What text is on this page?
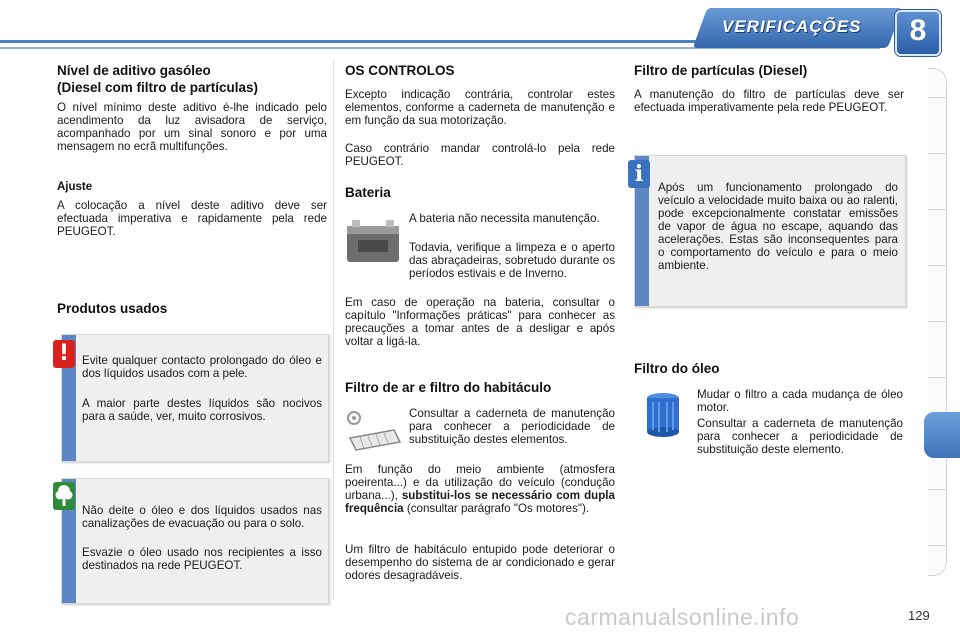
VERIFICAÇÕES	8
Nível de aditivo gasóleo
(Diesel com filtro de partículas)

O nível mínimo deste aditivo é-lhe indicado pelo acendimento da luz avisadora de serviço, acompanhado por um sinal sonoro e por uma mensagem no ecrã multifunções.

Ajuste

A colocação a nível deste aditivo deve ser efectuada imperativa e rapidamente pela rede PEUGEOT.

Produtos usados

Evite qualquer contacto prolongado do óleo e dos líquidos usados com a pele.

A maior parte destes líquidos são nocivos para a saúde, ver, muito corrosivos.

!

Não deite o óleo e dos líquidos usados nas canalizações de evacuação ou para o solo.

Esvazie o óleo usado nos recipientes a isso destinados na rede PEUGEOT.

OS CONTROLOS

Excepto indicação contrária, controlar estes elementos, conforme a caderneta de manutenção e em função da sua motorização.

Caso contrário mandar controlá-lo pela rede PEUGEOT.

Bateria

A bateria não necessita manutenção.

Todavia, verifique a limpeza e o aperto das abraçadeiras, sobretudo durante os períodos estivais e de Inverno.

Em caso de operação na bateria, consultar o capítulo "Informações práticas" para conhecer as precauções a tomar antes de a desligar e após voltar a ligá-la.

Filtro de ar e filtro do habitáculo

Consultar a caderneta de manutenção para conhecer a periodicidade de substituição destes elementos.

Em função do meio ambiente (atmosfera poeirenta...) e da utilização do veículo (condução urbana...), substitui-los se necessário com dupla frequência (consultar parágrafo "Os motores").

Um filtro de habitáculo entupido pode deteriorar o desempenho do sistema de ar condicionado e gerar odores desagradáveis.

Filtro de partículas (Diesel)

A manutenção do filtro de partículas deve ser efectuada imperativamente pela rede PEUGEOT.

Após um funcionamento prolongado do veículo a velocidade muito baixa ou ao ralenti, pode excepcionalmente constatar emissões de vapor de água no escape, aquando das acelerações. Estas são inconsequentes para o comportamento do veículo e para o meio ambiente.

i
Filtro do óleo

Mudar o filtro a cada mudança de óleo motor.

Consultar a caderneta de manutenção para conhecer a periodicidade de substituição deste elemento.

carmanualsonline.info	129
